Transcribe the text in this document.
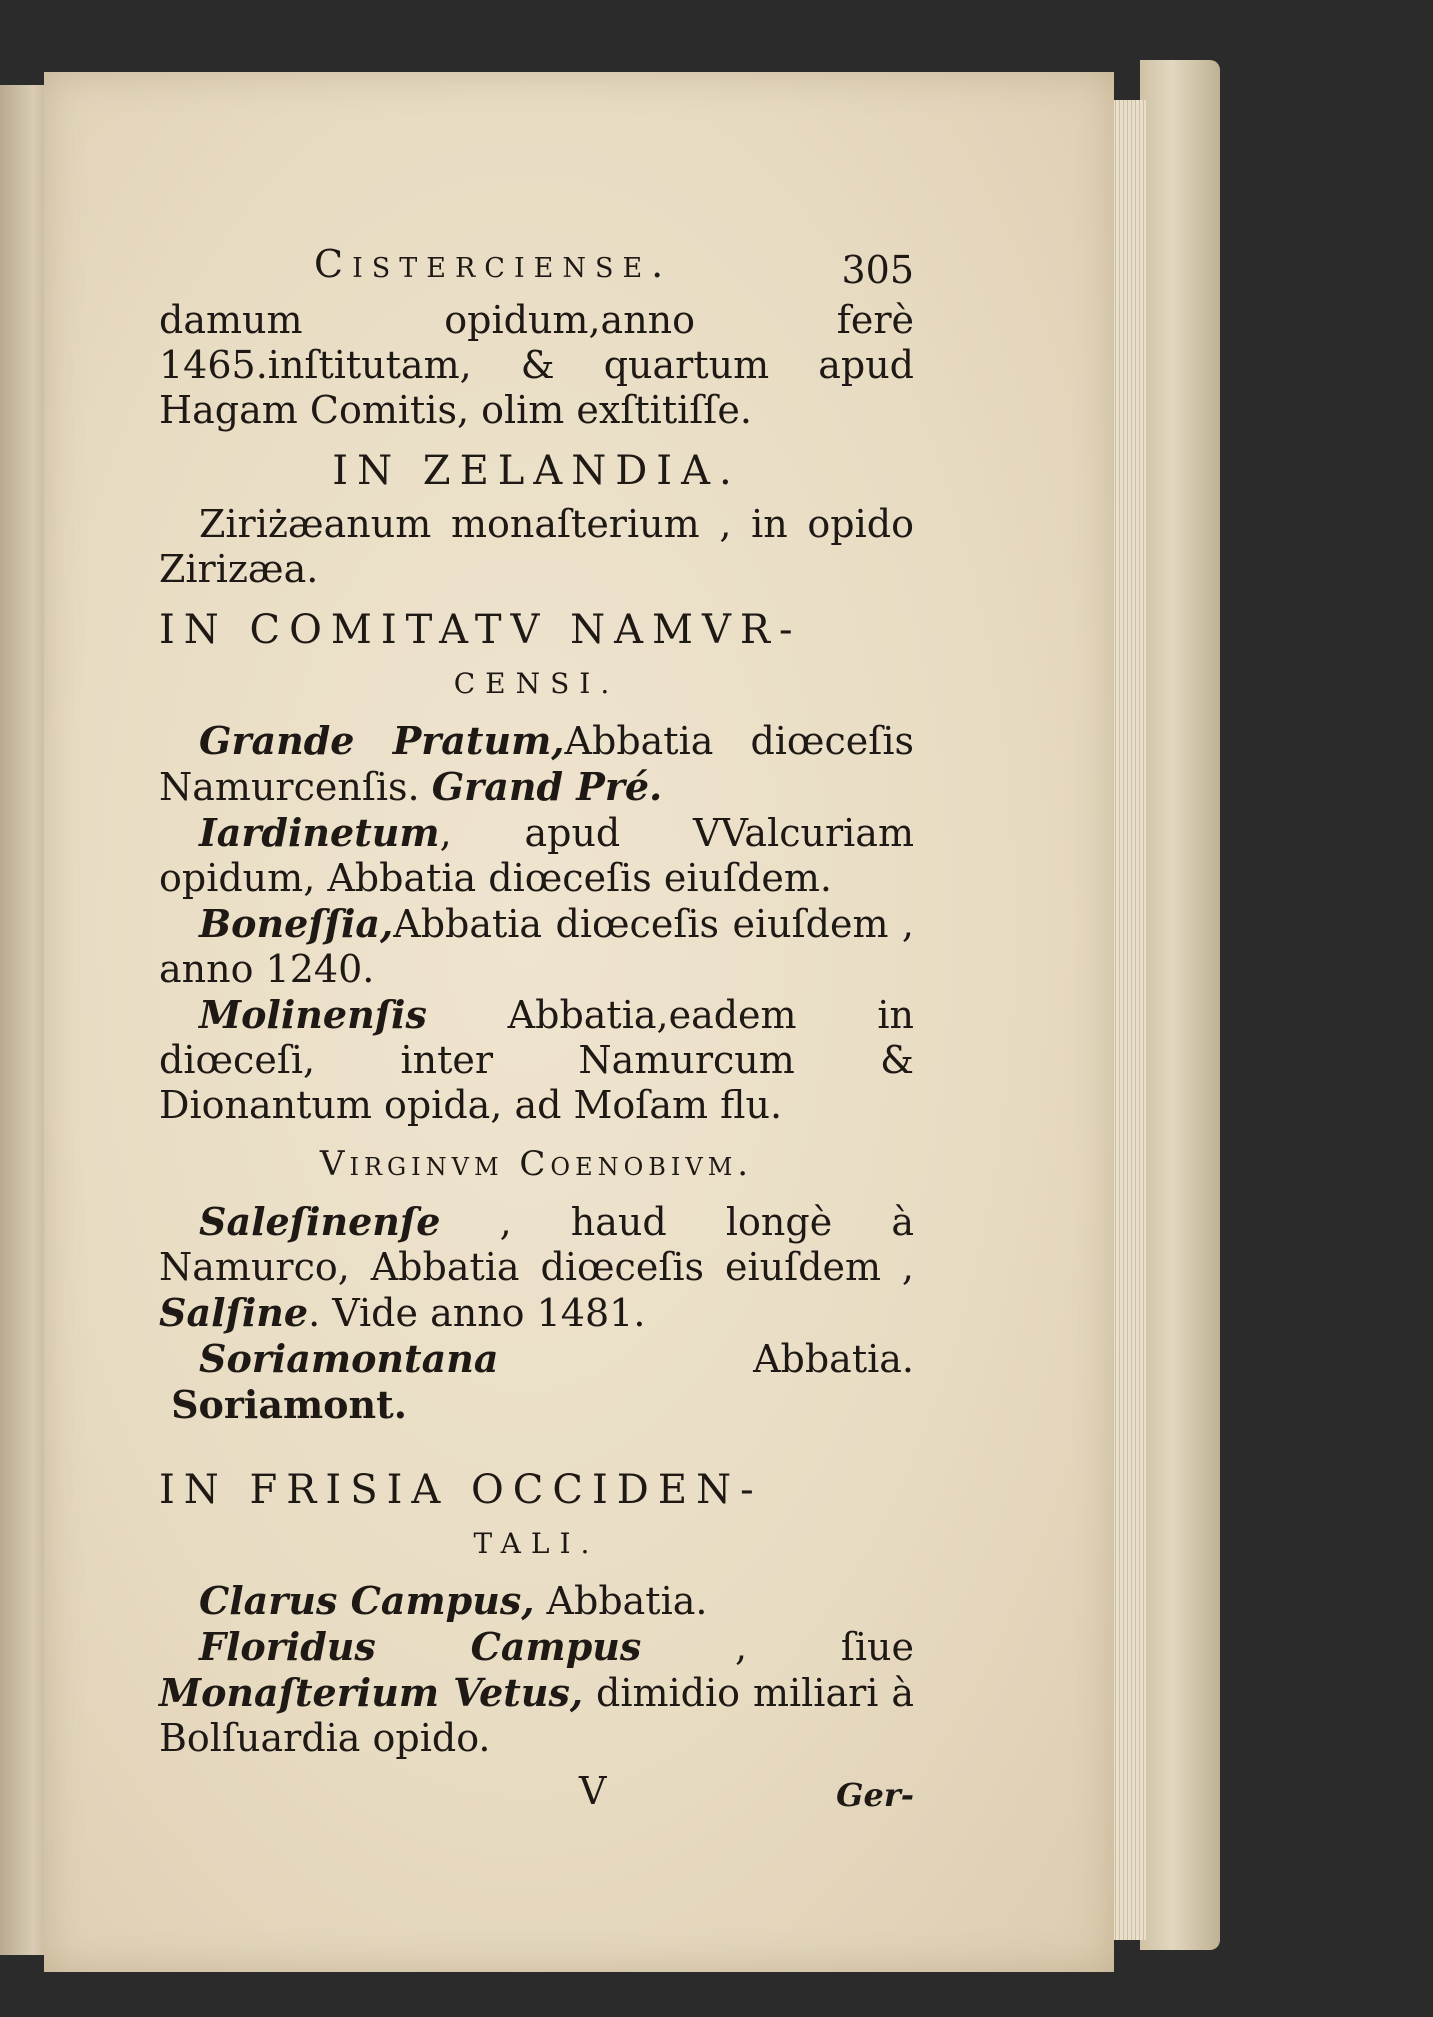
Cisterciense.	305

damum opidum,anno ferè 1465.inſtitutam, & quartum apud Hagam Comitis, olim exſtitiſſe.

IN ZELANDIA.

Ziriżæanum monaſterium , in opido Zirizæa.

IN COMITATV NAMVR-
CENSI.

Grande Pratum,Abbatia diœceſis Namurcenſis. Grand Pré.

Iardinetum, apud VValcuriam opidum, Abbatia diœceſis eiuſdem.

Boneſſia,Abbatia diœceſis eiuſdem , anno 1240.

Molinenſis Abbatia,eadem in diœceſi, inter Namurcum & Dionantum opida, ad Moſam flu.

Virginvm Coenobivm.

Saleſinenſe , haud longè à Namurco, Abbatia diœceſis eiuſdem , Salſine. Vide anno 1481.

Soriamontana Abbatia.  Soriamont.

IN FRISIA OCCIDEN-
TALI.

Clarus Campus, Abbatia.

Floridus Campus , ſiue Monaſterium Vetus, dimidio miliari à Bolſuardia opido.

V	Ger-
